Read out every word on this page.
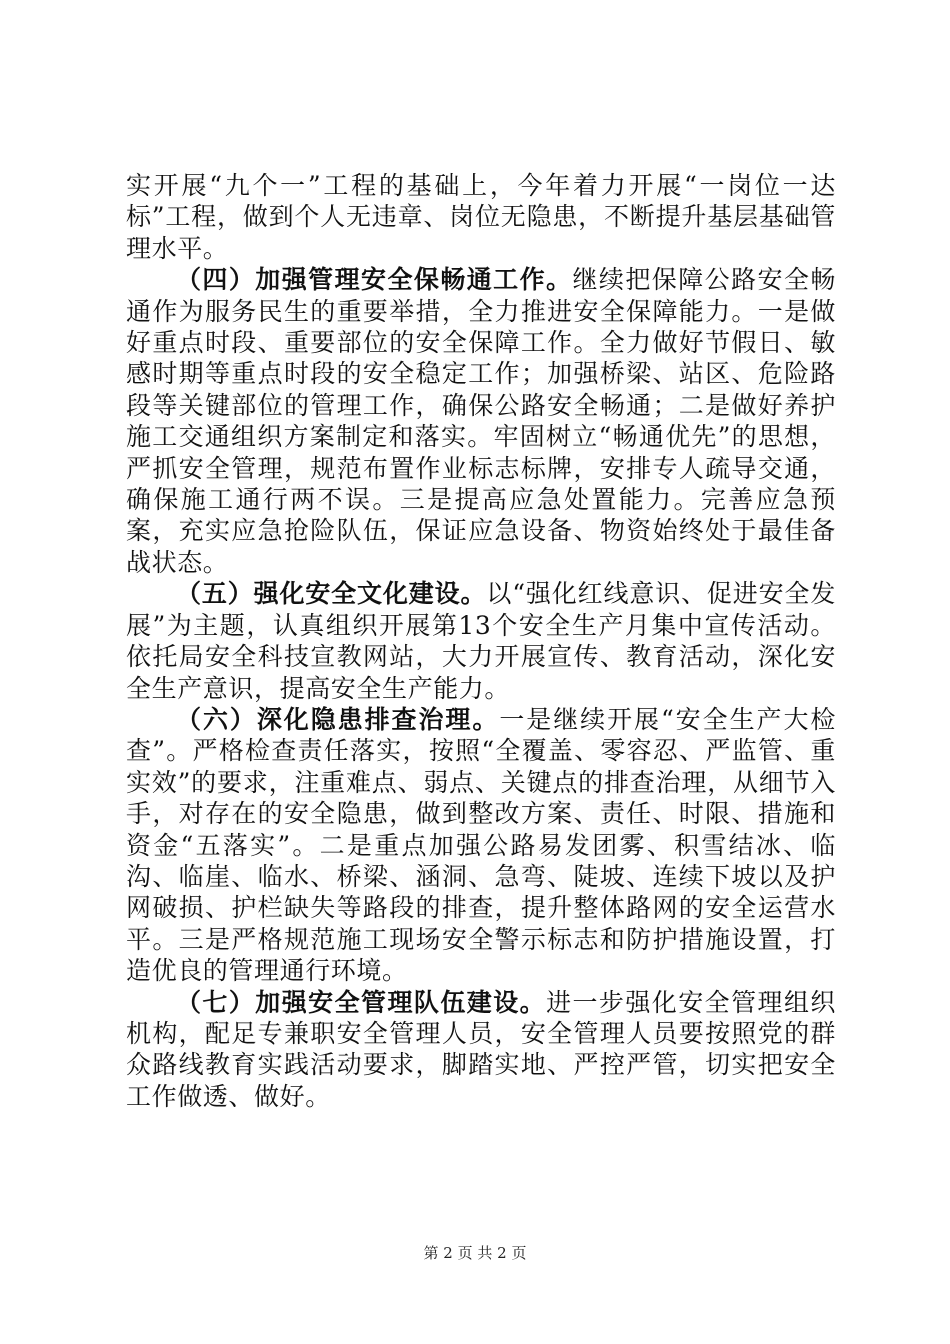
实开展“九个一”工程的基础上，今年着力开展“一岗位一达标”工程，做到个人无违章、岗位无隐患，不断提升基层基础管理水平。

（四）加强管理安全保畅通工作。继续把保障公路安全畅通作为服务民生的重要举措，全力推进安全保障能力。一是做好重点时段、重要部位的安全保障工作。全力做好节假日、敏感时期等重点时段的安全稳定工作；加强桥梁、站区、危险路段等关键部位的管理工作，确保公路安全畅通；二是做好养护施工交通组织方案制定和落实。牢固树立“畅通优先”的思想，严抓安全管理，规范布置作业标志标牌，安排专人疏导交通，确保施工通行两不误。三是提高应急处置能力。完善应急预案，充实应急抢险队伍，保证应急设备、物资始终处于最佳备战状态。

（五）强化安全文化建设。以“强化红线意识、促进安全发展”为主题，认真组织开展第13个安全生产月集中宣传活动。依托局安全科技宣教网站，大力开展宣传、教育活动，深化安全生产意识，提高安全生产能力。

（六）深化隐患排查治理。一是继续开展“安全生产大检查”。严格检查责任落实，按照“全覆盖、零容忍、严监管、重实效”的要求，注重难点、弱点、关键点的排查治理，从细节入手，对存在的安全隐患，做到整改方案、责任、时限、措施和资金“五落实”。二是重点加强公路易发团雾、积雪结冰、临沟、临崖、临水、桥梁、涵洞、急弯、陡坡、连续下坡以及护网破损、护栏缺失等路段的排查，提升整体路网的安全运营水平。三是严格规范施工现场安全警示标志和防护措施设置，打造优良的管理通行环境。

（七）加强安全管理队伍建设。进一步强化安全管理组织机构，配足专兼职安全管理人员，安全管理人员要按照党的群众路线教育实践活动要求，脚踏实地、严控严管，切实把安全工作做透、做好。

第 2 页 共 2 页
